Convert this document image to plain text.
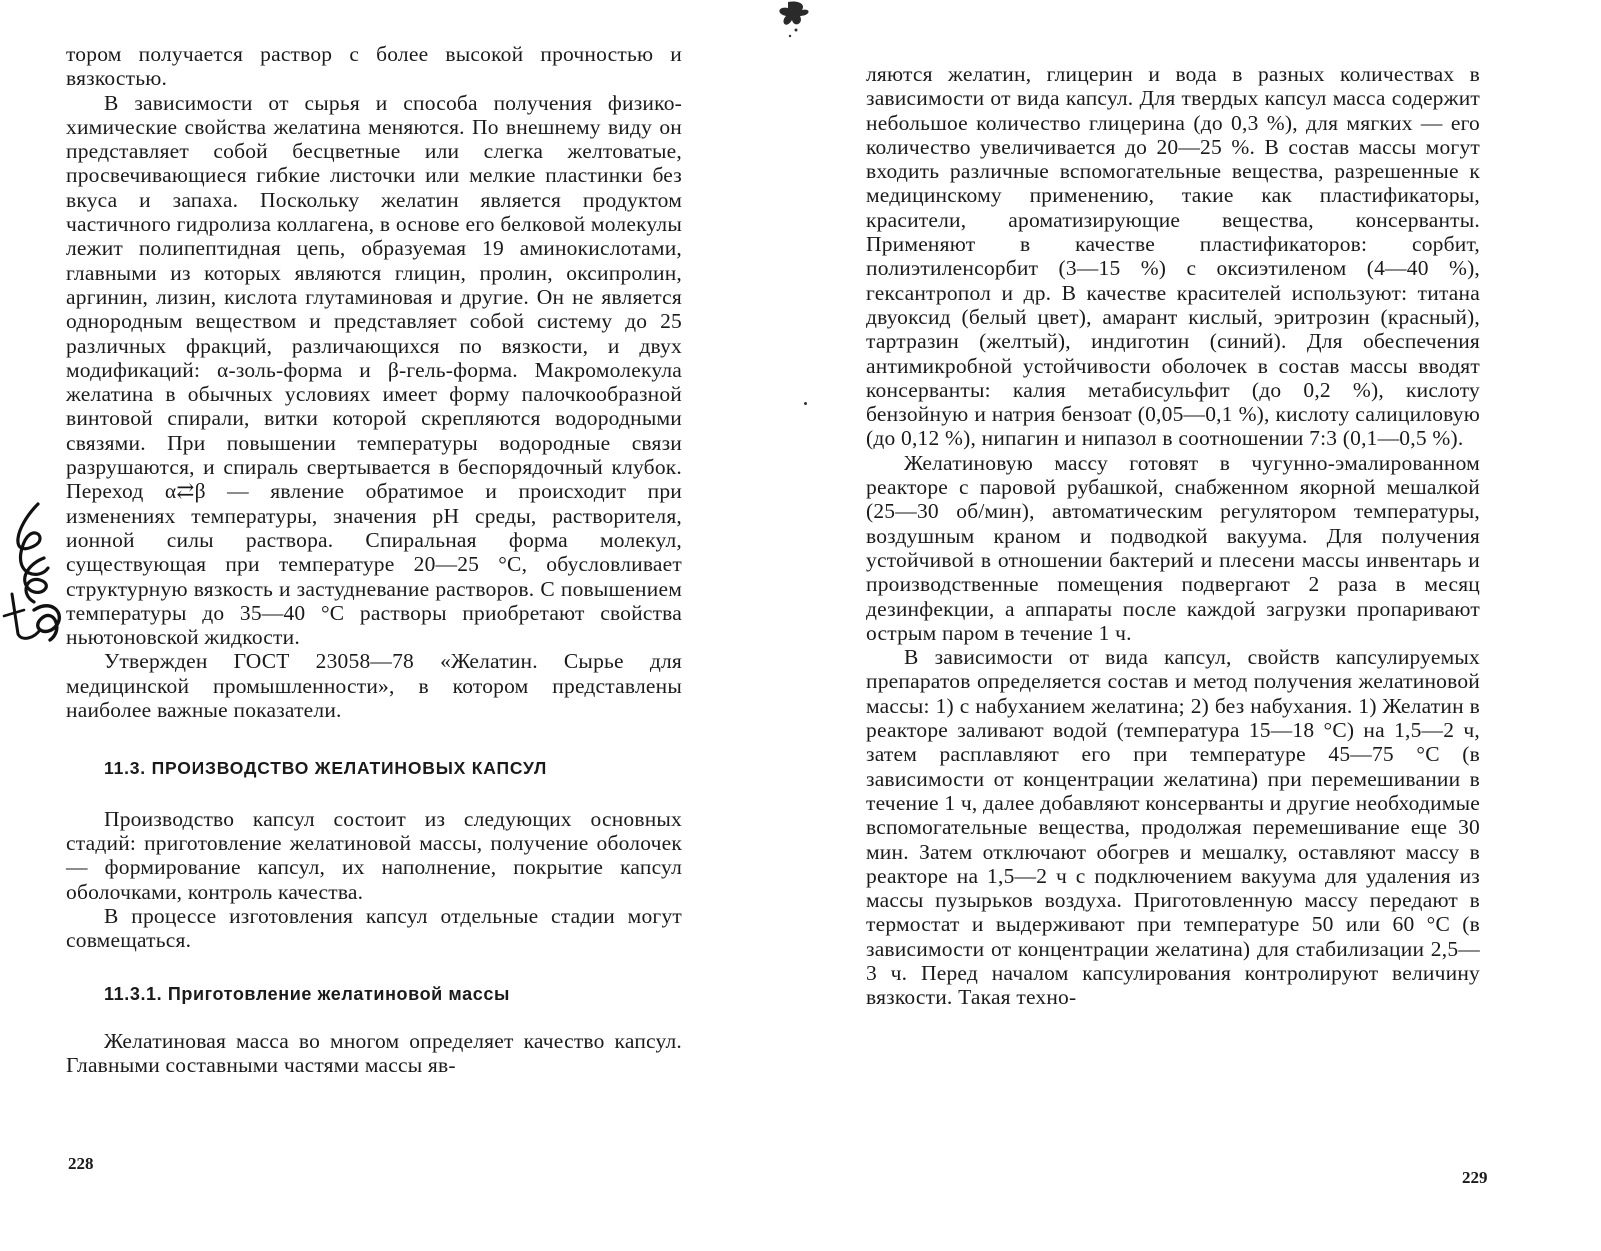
тором получается раствор с более высокой прочностью и вязкостью.

В зависимости от сырья и способа получения физико-химические свойства желатина меняются. По внешнему виду он представляет собой бесцветные или слегка желтоватые, просвечивающиеся гибкие листочки или мелкие пластинки без вкуса и запаха. Поскольку желатин является продуктом частичного гидролиза коллагена, в основе его белковой молекулы лежит полипептидная цепь, образуемая 19 аминокислотами, главными из которых являются глицин, пролин, оксипролин, аргинин, лизин, кислота глутаминовая и другие. Он не является однородным веществом и представляет собой систему до 25 различных фракций, различающихся по вязкости, и двух модификаций: α-золь-форма и β-гель-форма. Макромолекула желатина в обычных условиях имеет форму палочкообразной винтовой спирали, витки которой скрепляются водородными связями. При повышении температуры водородные связи разрушаются, и спираль свертывается в беспорядочный клубок. Переход α⇄β — явление обратимое и происходит при изменениях температуры, значения pH среды, растворителя, ионной силы раствора. Спиральная форма молекул, существующая при температуре 20—25 °С, обусловливает структурную вязкость и застудневание растворов. С повышением температуры до 35—40 °С растворы приобретают свойства ньютоновской жидкости.

Утвержден ГОСТ 23058—78 «Желатин. Сырье для медицинской промышленности», в котором представлены наиболее важные показатели.

11.3. ПРОИЗВОДСТВО ЖЕЛАТИНОВЫХ КАПСУЛ

Производство капсул состоит из следующих основных стадий: приготовление желатиновой массы, получение оболочек — формирование капсул, их наполнение, покрытие капсул оболочками, контроль качества.

В процессе изготовления капсул отдельные стадии могут совмещаться.

11.3.1. Приготовление желатиновой массы

Желатиновая масса во многом определяет качество капсул. Главными составными частями массы яв-

228

ляются желатин, глицерин и вода в разных количествах в зависимости от вида капсул. Для твердых капсул масса содержит небольшое количество глицерина (до 0,3 %), для мягких — его количество увеличивается до 20—25 %. В состав массы могут входить различные вспомогательные вещества, разрешенные к медицинскому применению, такие как пластификаторы, красители, ароматизирующие вещества, консерванты. Применяют в качестве пластификаторов: сорбит, полиэтиленсорбит (3—15 %) с оксиэтиленом (4—40 %), гексантропол и др. В качестве красителей используют: титана двуоксид (белый цвет), амарант кислый, эритрозин (красный), тартразин (желтый), индиготин (синий). Для обеспечения антимикробной устойчивости оболочек в состав массы вводят консерванты: калия метабисульфит (до 0,2 %), кислоту бензойную и натрия бензоат (0,05—0,1 %), кислоту салициловую (до 0,12 %), нипагин и нипазол в соотношении 7:3 (0,1—0,5 %).

Желатиновую массу готовят в чугунно-эмалированном реакторе с паровой рубашкой, снабженном якорной мешалкой (25—30 об/мин), автоматическим регулятором температуры, воздушным краном и подводкой вакуума. Для получения устойчивой в отношении бактерий и плесени массы инвентарь и производственные помещения подвергают 2 раза в месяц дезинфекции, а аппараты после каждой загрузки пропаривают острым паром в течение 1 ч.

В зависимости от вида капсул, свойств капсулируемых препаратов определяется состав и метод получения желатиновой массы: 1) с набуханием желатина; 2) без набухания. 1) Желатин в реакторе заливают водой (температура 15—18 °С) на 1,5—2 ч, затем расплавляют его при температуре 45—75 °С (в зависимости от концентрации желатина) при перемешивании в течение 1 ч, далее добавляют консерванты и другие необходимые вспомогательные вещества, продолжая перемешивание еще 30 мин. Затем отключают обогрев и мешалку, оставляют массу в реакторе на 1,5—2 ч с подключением вакуума для удаления из массы пузырьков воздуха. Приготовленную массу передают в термостат и выдерживают при температуре 50 или 60 °С (в зависимости от концентрации желатина) для стабилизации 2,5—3 ч. Перед началом капсулирования контролируют величину вязкости. Такая техно-

229
